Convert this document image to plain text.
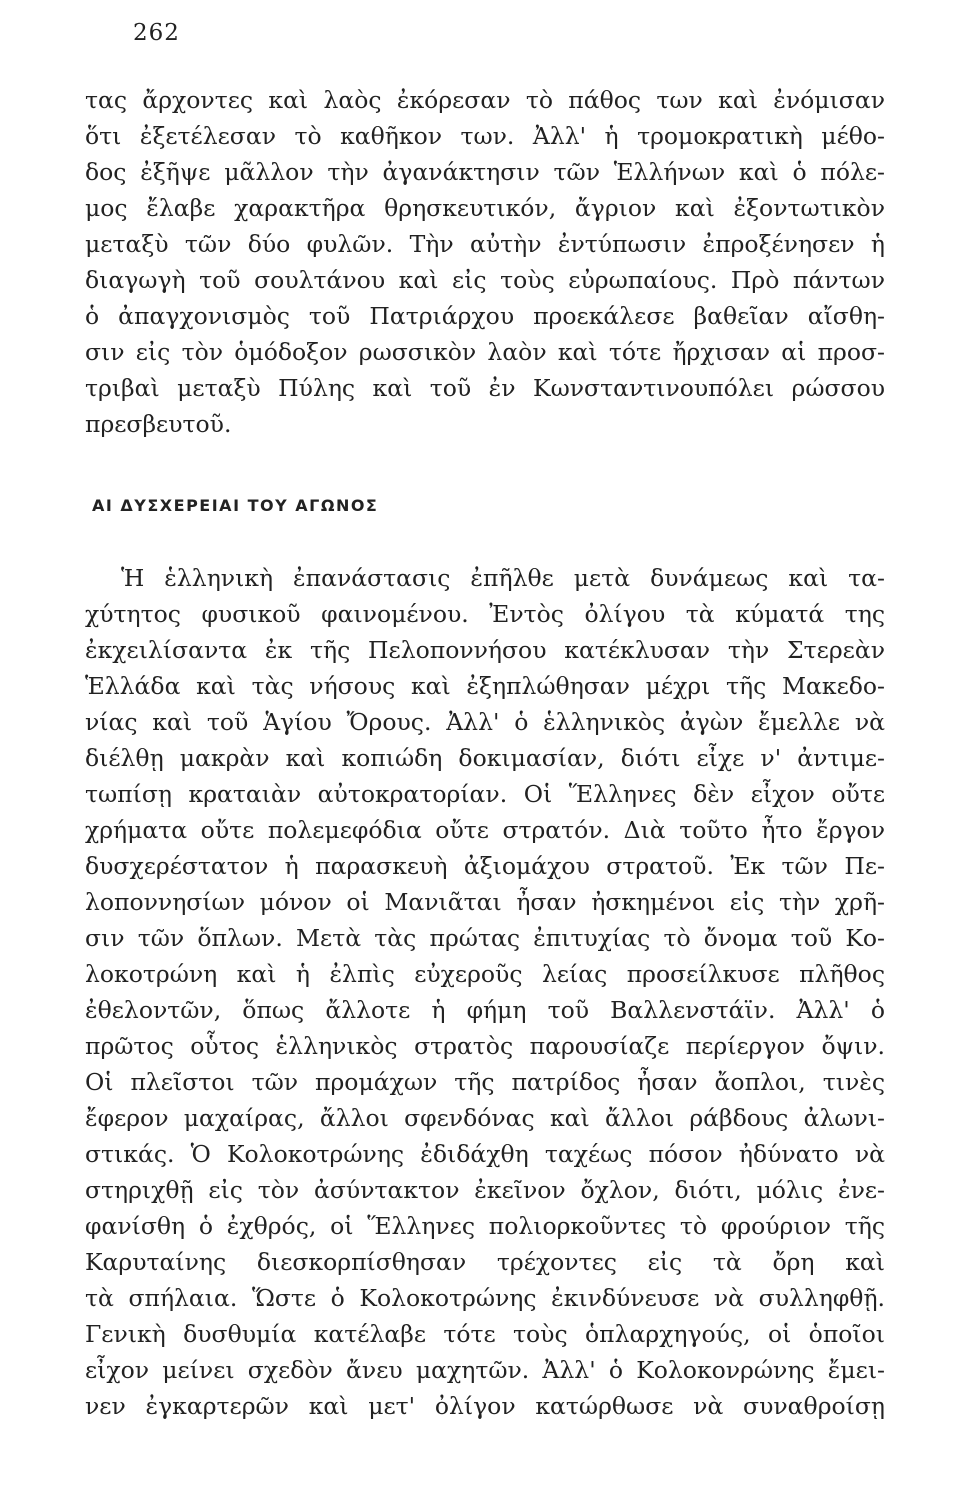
262
τας ἄρχοντες καὶ λαὸς ἐκόρεσαν τὸ πάθος των καὶ ἐνόμισαν
ὅτι ἐξετέλεσαν τὸ καθῆκον των. Ἀλλ' ἡ τρομοκρατικὴ μέθο-
δος ἐξῆψε μᾶλλον τὴν ἀγανάκτησιν τῶν Ἑλλήνων καὶ ὁ πόλε-
μος ἔλαβε χαρακτῆρα θρησκευτικόν, ἄγριον καὶ ἐξοντωτικὸν
μεταξὺ τῶν δύο φυλῶν. Τὴν αὐτὴν ἐντύπωσιν ἐπροξένησεν ἡ
διαγωγὴ τοῦ σουλτάνου καὶ εἰς τοὺς εὐρωπαίους. Πρὸ πάντων
ὁ ἀπαγχονισμὸς τοῦ Πατριάρχου προεκάλεσε βαθεῖαν αἴσθη-
σιν εἰς τὸν ὁμόδοξον ρωσσικὸν λαὸν καὶ τότε ἤρχισαν αἱ προσ-
τριβαὶ μεταξὺ Πύλης καὶ τοῦ ἐν Κωνσταντινουπόλει ρώσσου
πρεσβευτοῦ.
ΑΙ ΔΥΣΧΕΡΕΙΑΙ ΤΟΥ ΑΓΩΝΟΣ
Ἡ ἑλληνικὴ ἐπανάστασις ἐπῆλθε μετὰ δυνάμεως καὶ τα-
χύτητος φυσικοῦ φαινομένου. Ἐντὸς ὀλίγου τὰ κύματά της
ἐκχειλίσαντα ἐκ τῆς Πελοποννήσου κατέκλυσαν τὴν Στερεὰν
Ἑλλάδα καὶ τὰς νήσους καὶ ἐξηπλώθησαν μέχρι τῆς Μακεδο-
νίας καὶ τοῦ Ἁγίου Ὄρους. Ἀλλ' ὁ ἑλληνικὸς ἀγὼν ἔμελλε νὰ
διέλθῃ μακρὰν καὶ κοπιώδη δοκιμασίαν, διότι εἶχε ν' ἀντιμε-
τωπίσῃ κραταιὰν αὐτοκρατορίαν. Οἱ Ἕλληνες δὲν εἶχον οὔτε
χρήματα οὔτε πολεμεφόδια οὔτε στρατόν. Διὰ τοῦτο ἦτο ἔργον
δυσχερέστατον ἡ παρασκευὴ ἀξιομάχου στρατοῦ. Ἐκ τῶν Πε-
λοποννησίων μόνον οἱ Μανιᾶται ἦσαν ἠσκημένοι εἰς τὴν χρῆ-
σιν τῶν ὅπλων. Μετὰ τὰς πρώτας ἐπιτυχίας τὸ ὄνομα τοῦ Κο-
λοκοτρώνη καὶ ἡ ἐλπὶς εὐχεροῦς λείας προσείλκυσε πλῆθος
ἐθελοντῶν, ὅπως ἄλλοτε ἡ φήμη τοῦ Βαλλενστάϊν. Ἀλλ' ὁ
πρῶτος οὗτος ἑλληνικὸς στρατὸς παρουσίαζε περίεργον ὄψιν.
Οἱ πλεῖστοι τῶν προμάχων τῆς πατρίδος ἦσαν ἄοπλοι, τινὲς
ἔφερον μαχαίρας, ἄλλοι σφενδόνας καὶ ἄλλοι ράβδους ἀλωνι-
στικάς. Ὁ Κολοκοτρώνης ἐδιδάχθη ταχέως πόσον ἠδύνατο νὰ
στηριχθῇ εἰς τὸν ἀσύντακτον ἐκεῖνον ὄχλον, διότι, μόλις ἐνε-
φανίσθη ὁ ἐχθρός, οἱ Ἕλληνες πολιορκοῦντες τὸ φρούριον τῆς
Καρυταίνης διεσκορπίσθησαν τρέχοντες εἰς τὰ ὄρη καὶ
τὰ σπήλαια. Ὥστε ὁ Κολοκοτρώνης ἐκινδύνευσε νὰ συλληφθῇ.
Γενικὴ δυσθυμία κατέλαβε τότε τοὺς ὁπλαρχηγούς, οἱ ὁποῖοι
εἶχον μείνει σχεδὸν ἄνευ μαχητῶν. Ἀλλ' ὁ Κολοκονρώνης ἔμει-
νεν ἐγκαρτερῶν καὶ μετ' ὀλίγον κατώρθωσε νὰ συναθροίσῃ
